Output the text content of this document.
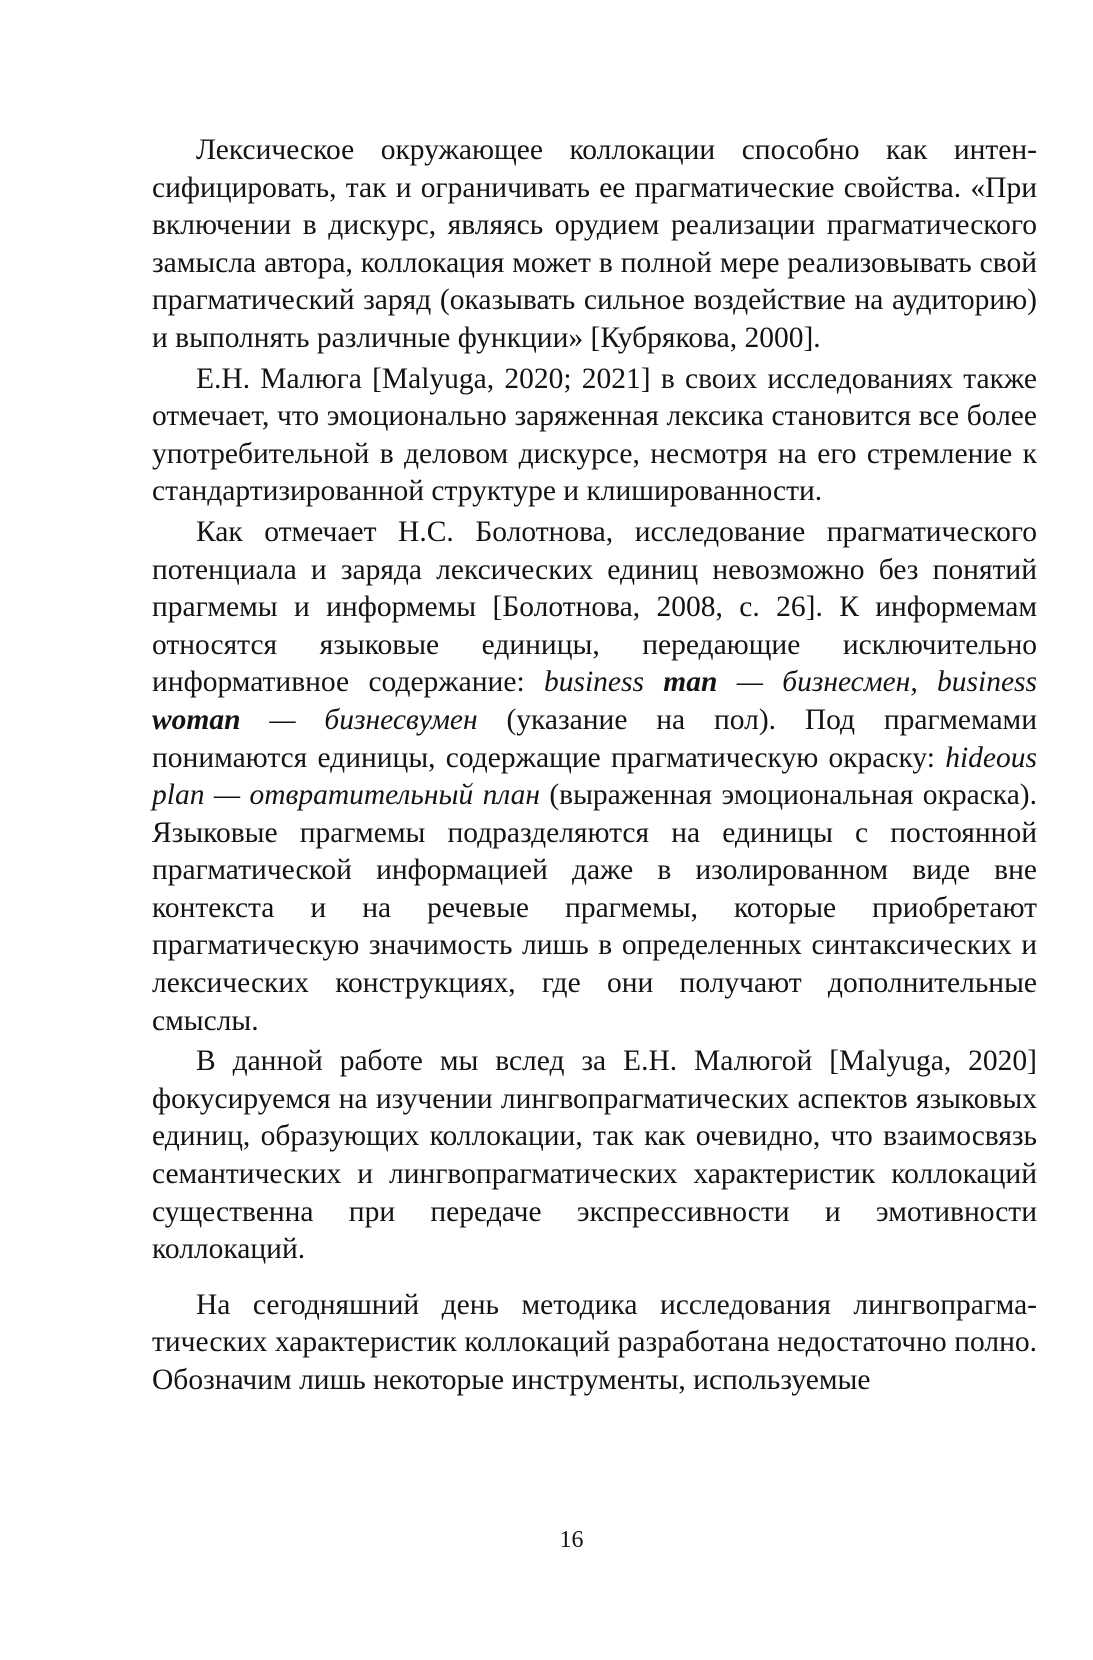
Лексическое окружающее коллокации способно как интенсифицировать, так и ограничивать ее прагматические свойства. «При включении в дискурс, являясь орудием реализации прагматического замысла автора, коллокация может в полной мере реализовывать свой прагматический заряд (оказывать сильное воздействие на аудиторию) и выполнять различные функции» [Кубрякова, 2000].

Е.Н. Малюга [Malyuga, 2020; 2021] в своих исследованиях также отмечает, что эмоционально заряженная лексика становится все более употребительной в деловом дискурсе, несмотря на его стремление к стандартизированной структуре и клишированности.

Как отмечает Н.С. Болотнова, исследование прагматического потенциала и заряда лексических единиц невозможно без понятий прагмемы и информемы [Болотнова, 2008, с. 26]. К информемам относятся языковые единицы, передающие исключительно информативное содержание: business man — бизнесмен, business woman — бизнесвумен (указание на пол). Под прагмемами понимаются единицы, содержащие прагматическую окраску: hideous plan — отвратительный план (выраженная эмоциональная окраска). Языковые прагмемы подразделяются на единицы с постоянной прагматической информацией даже в изолированном виде вне контекста и на речевые прагмемы, которые приобретают прагматическую значимость лишь в определенных синтаксических и лексических конструкциях, где они получают дополнительные смыслы.

В данной работе мы вслед за Е.Н. Малюгой [Malyuga, 2020] фокусируемся на изучении лингвопрагматических аспектов языковых единиц, образующих коллокации, так как очевидно, что взаимосвязь семантических и лингвопрагматических характеристик коллокаций существенна при передаче экспрессивности и эмотивности коллокаций.

На сегодняшний день методика исследования лингвопрагматических характеристик коллокаций разработана недостаточно полно. Обозначим лишь некоторые инструменты, используемые

16
